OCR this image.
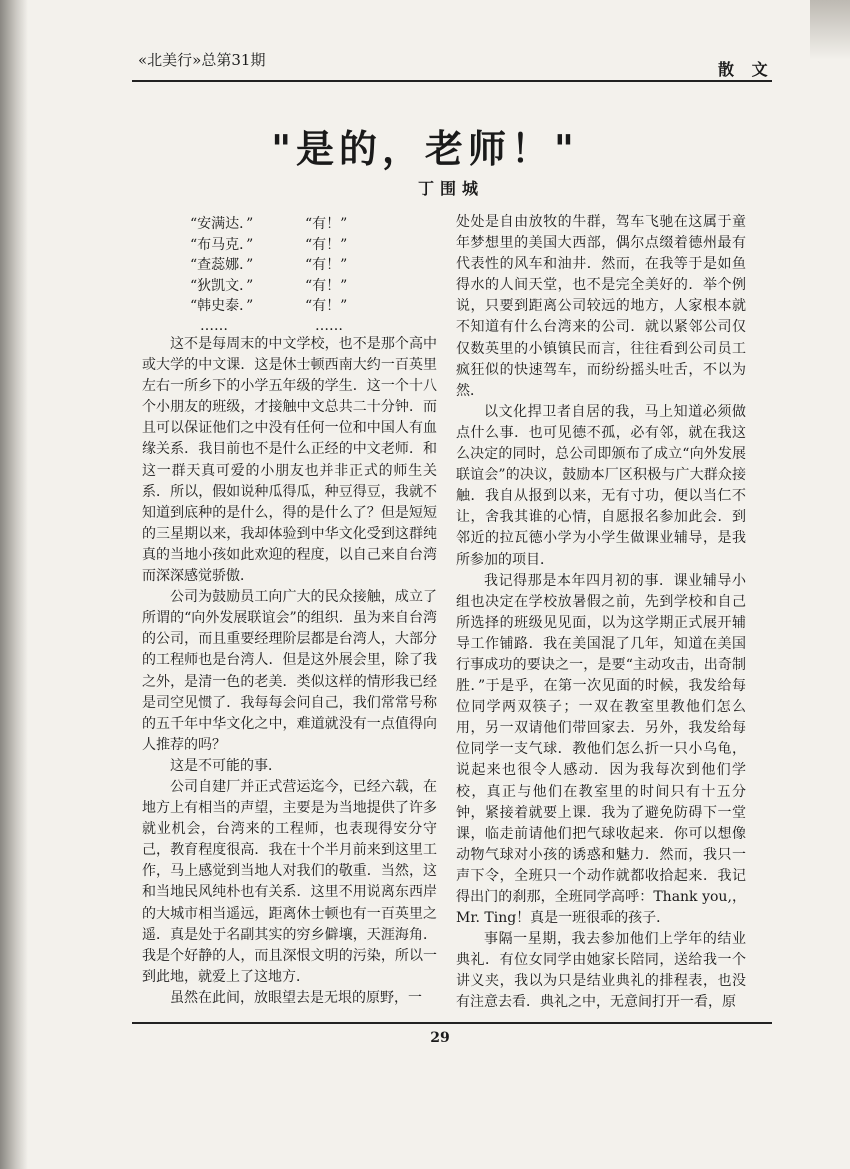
«北美行»总第31期	散 文
"是的，老师！"
丁围城
“安满达．”	“有！”
“布马克．”	“有！”
“查蕊娜．”	“有！”
“狄凯文．”	“有！”
“韩史泰．”	“有！”
……	……

这不是每周末的中文学校，也不是那个高中或大学的中文课．这是休士顿西南大约一百英里左右一所乡下的小学五年级的学生．这一个十八个小朋友的班级，才接触中文总共二十分钟．而且可以保证他们之中没有任何一位和中国人有血缘关系．我目前也不是什么正经的中文老师．和这一群天真可爱的小朋友也并非正式的师生关系．所以，假如说种瓜得瓜，种豆得豆，我就不知道到底种的是什么，得的是什么了？但是短短的三星期以来，我却体验到中华文化受到这群纯真的当地小孩如此欢迎的程度，以自己来自台湾而深深感觉骄傲．

公司为鼓励员工向广大的民众接触，成立了所谓的“向外发展联谊会”的组织．虽为来自台湾的公司，而且重要经理阶层都是台湾人，大部分的工程师也是台湾人．但是这外展会里，除了我之外，是清一色的老美．类似这样的情形我已经是司空见惯了．我每每会问自己，我们常常号称的五千年中华文化之中，难道就没有一点值得向人推荐的吗？

这是不可能的事．

公司自建厂并正式营运迄今，已经六载，在地方上有相当的声望，主要是为当地提供了许多就业机会，台湾来的工程师，也表现得安分守己，教育程度很高．我在十个半月前来到这里工作，马上感觉到当地人对我们的敬重．当然，这和当地民风纯朴也有关系．这里不用说离东西岸的大城市相当遥远，距离休士顿也有一百英里之遥．真是处于名副其实的穷乡僻壤，天涯海角．我是个好静的人，而且深恨文明的污染，所以一到此地，就爱上了这地方．

虽然在此间，放眼望去是无垠的原野，一

处处是自由放牧的牛群，驾车飞驰在这属于童年梦想里的美国大西部，偶尔点缀着德州最有代表性的风车和油井．然而，在我等于是如鱼得水的人间天堂，也不是完全美好的．举个例说，只要到距离公司较远的地方，人家根本就不知道有什么台湾来的公司．就以紧邻公司仅仅数英里的小镇镇民而言，往往看到公司员工疯狂似的快速驾车，而纷纷摇头吐舌，不以为然．

以文化捍卫者自居的我，马上知道必须做点什么事．也可见德不孤，必有邻，就在我这么决定的同时，总公司即颁布了成立“向外发展联谊会”的决议，鼓励本厂区积极与广大群众接触．我自从报到以来，无有寸功，便以当仁不让，舍我其谁的心情，自愿报名参加此会．到邻近的拉瓦德小学为小学生做课业辅导，是我所参加的项目．

我记得那是本年四月初的事．课业辅导小组也决定在学校放暑假之前，先到学校和自己所选择的班级见见面，以为这学期正式展开辅导工作铺路．我在美国混了几年，知道在美国行事成功的要诀之一，是要“主动攻击，出奇制胜．”于是乎，在第一次见面的时候，我发给每位同学两双筷子；一双在教室里教他们怎么用，另一双请他们带回家去．另外，我发给每位同学一支气球．教他们怎么折一只小乌龟，说起来也很令人感动．因为我每次到他们学校，真正与他们在教室里的时间只有十五分钟，紧接着就要上课．我为了避免防碍下一堂课，临走前请他们把气球收起来．你可以想像动物气球对小孩的诱惑和魅力．然而，我只一声下令，全班只一个动作就都收拾起来．我记得出门的刹那，全班同学高呼：Thank you,，Mr. Ting！真是一班很乖的孩子．

事隔一星期，我去参加他们上学年的结业典礼．有位女同学由她家长陪同，送给我一个讲义夹，我以为只是结业典礼的排程表，也没有注意去看．典礼之中，无意间打开一看，原

29
